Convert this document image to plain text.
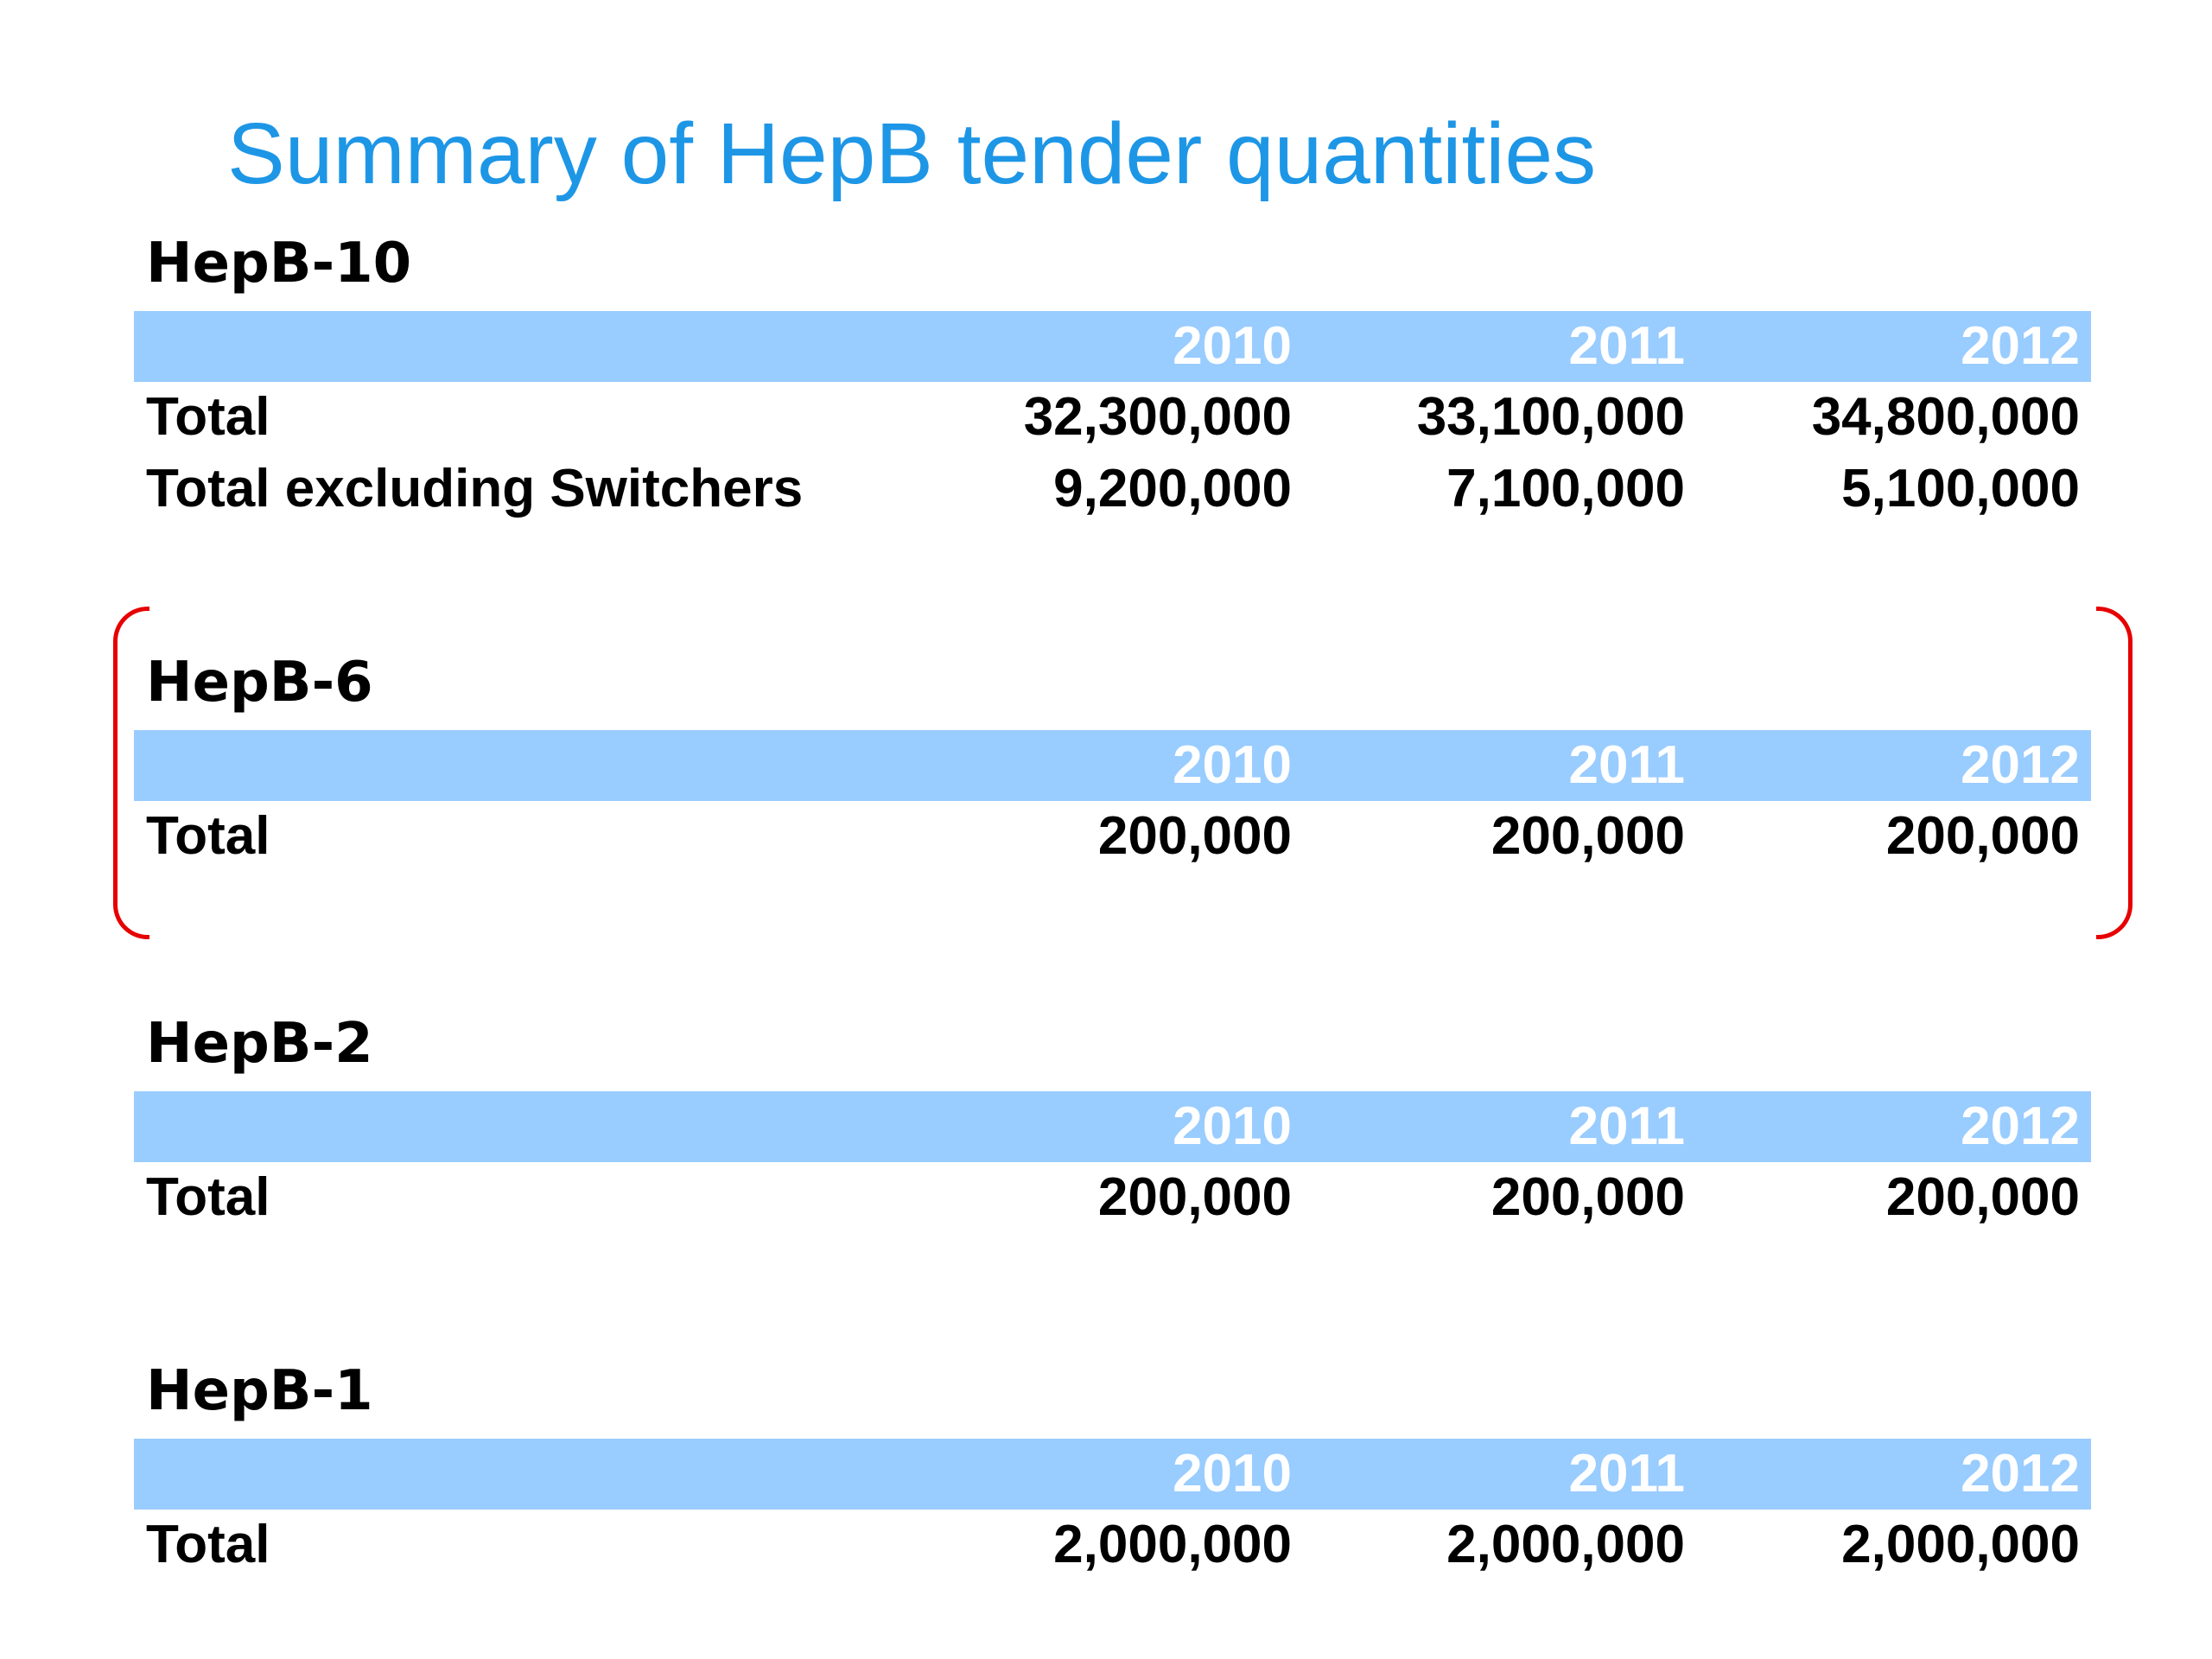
Summary of HepB tender quantities
HepB-10
2010	2011	2012
Total	32,300,000 33,100,000 34,800,000
Total excluding Switchers	9,200,000	7,100,000	5,100,000
HepB-6
2010	2011	2012
Total	200,000	200,000	200,000
HepB-2
2010	2011	2012
Total	200,000	200,000	200,000
HepB-1
2010	2011	2012
Total	2,000,000	2,000,000	2,000,000
